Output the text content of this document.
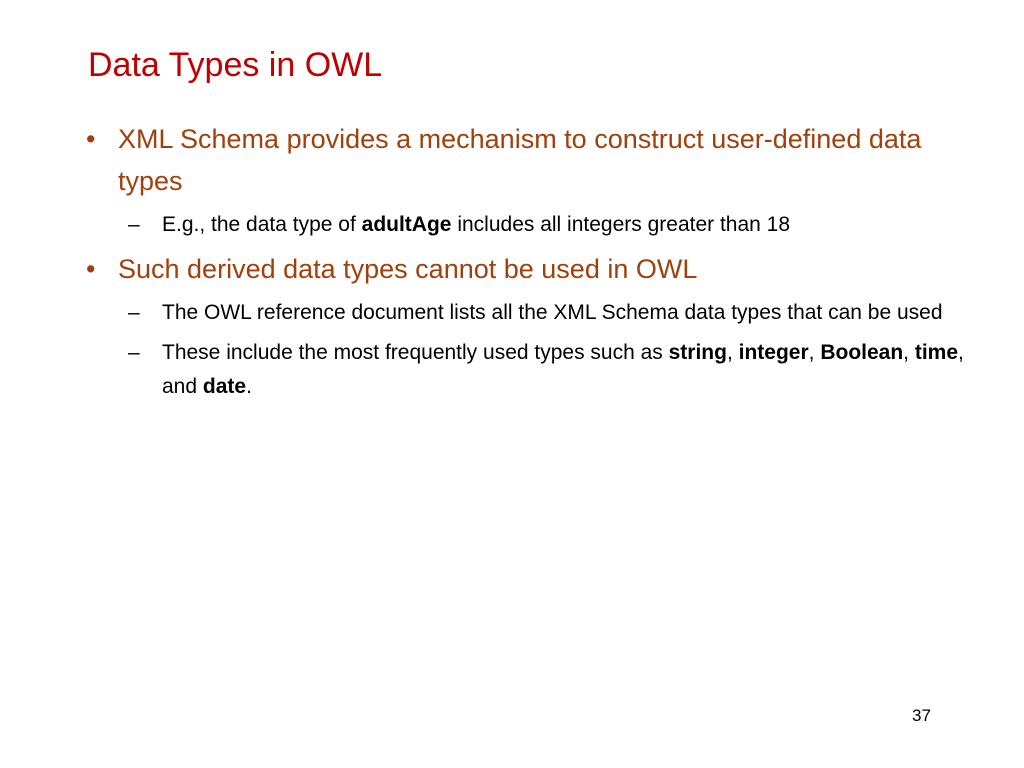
Data Types in OWL
• XML Schema provides a mechanism to construct user-defined data types
–	E.g., the data type of adultAge includes all integers greater than 18
• Such derived data types cannot be used in OWL
–	The OWL reference document lists all the XML Schema data types that can be used
–	These include the most frequently used types such as string, integer, Boolean, time, and date.
37
